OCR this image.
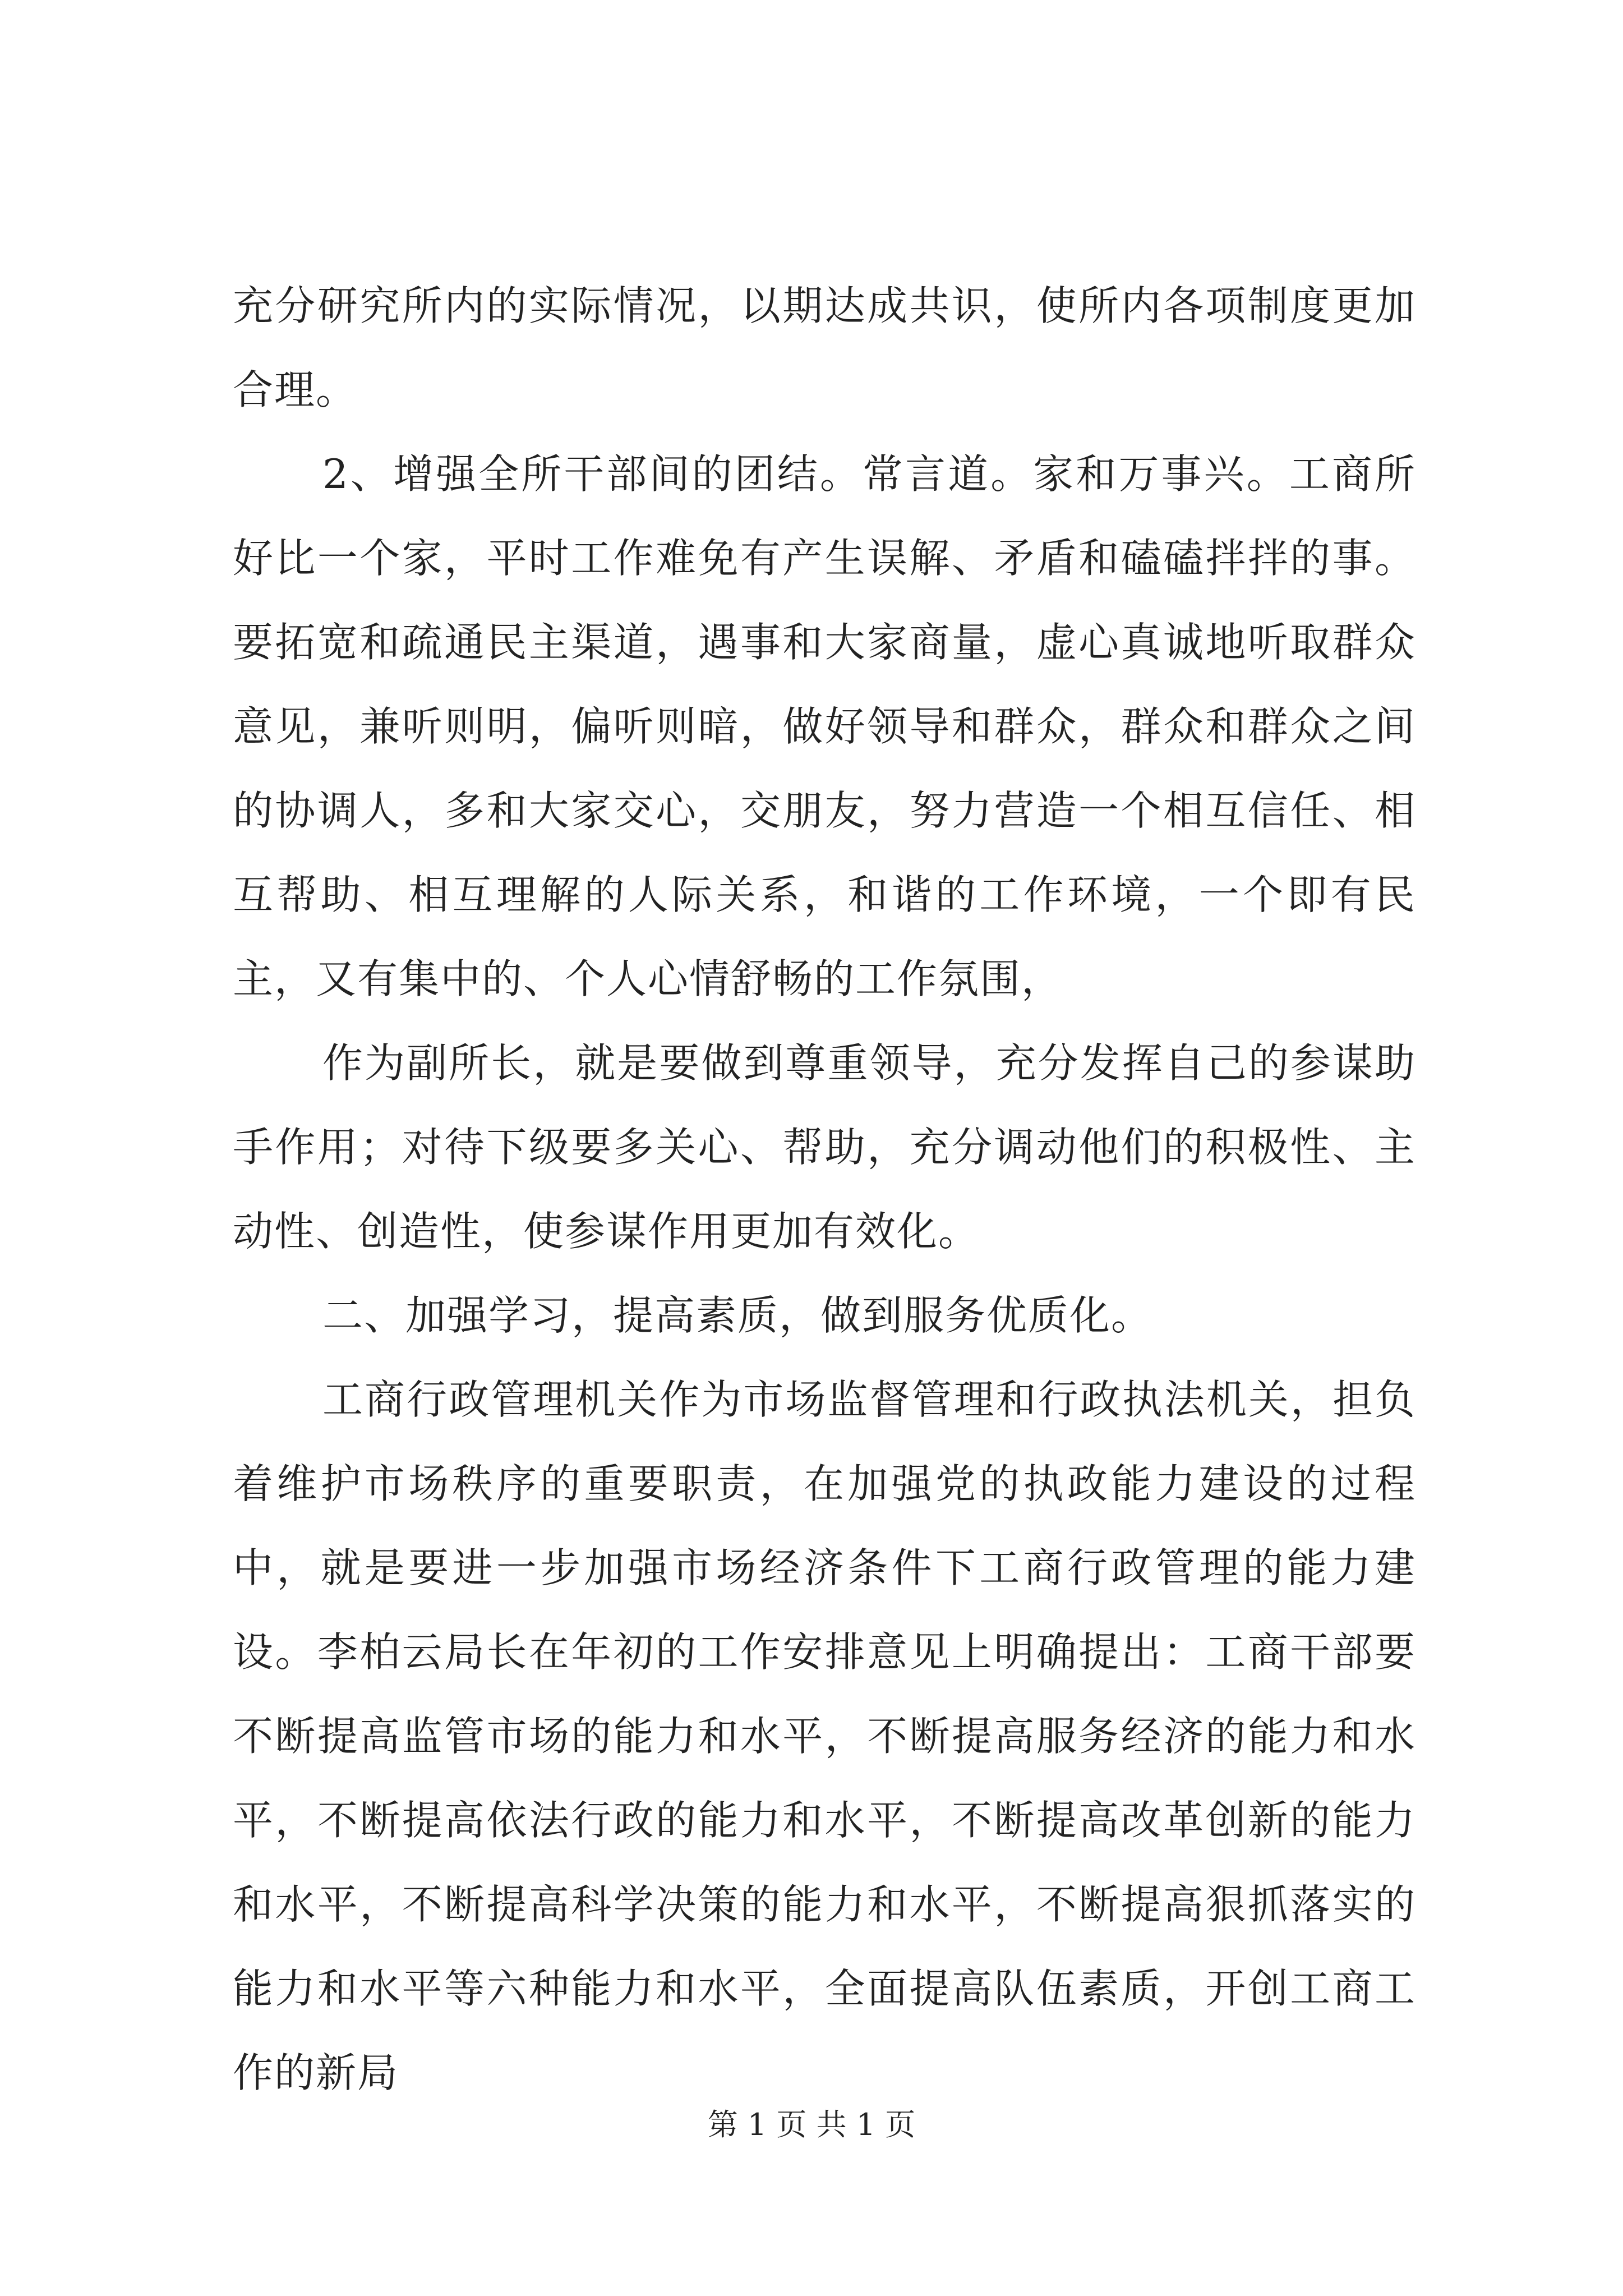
充分研究所内的实际情况，以期达成共识，使所内各项制度更加合理。

2、增强全所干部间的团结。常言道。家和万事兴。工商所好比一个家，平时工作难免有产生误解、矛盾和磕磕拌拌的事。要拓宽和疏通民主渠道，遇事和大家商量，虚心真诚地听取群众意见，兼听则明，偏听则暗，做好领导和群众，群众和群众之间的协调人，多和大家交心，交朋友，努力营造一个相互信任、相互帮助、相互理解的人际关系，和谐的工作环境，一个即有民主，又有集中的、个人心情舒畅的工作氛围，

作为副所长，就是要做到尊重领导，充分发挥自己的参谋助手作用；对待下级要多关心、帮助，充分调动他们的积极性、主动性、创造性，使参谋作用更加有效化。

二、加强学习，提高素质，做到服务优质化。

工商行政管理机关作为市场监督管理和行政执法机关，担负着维护市场秩序的重要职责，在加强党的执政能力建设的过程中，就是要进一步加强市场经济条件下工商行政管理的能力建设。李柏云局长在年初的工作安排意见上明确提出：工商干部要不断提高监管市场的能力和水平，不断提高服务经济的能力和水平，不断提高依法行政的能力和水平，不断提高改革创新的能力和水平，不断提高科学决策的能力和水平，不断提高狠抓落实的能力和水平等六种能力和水平，全面提高队伍素质，开创工商工作的新局

第 1 页 共 1 页
